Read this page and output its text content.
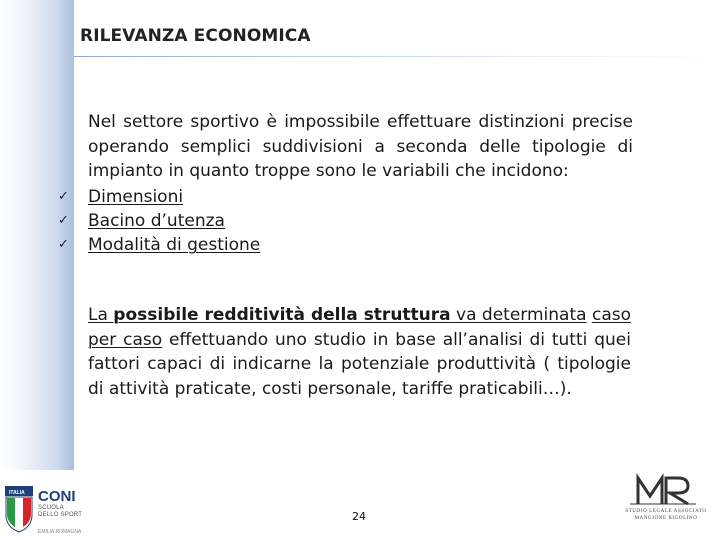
RILEVANZA ECONOMICA
Nel settore sportivo è impossibile effettuare distinzioni precise operando semplici suddivisioni a seconda delle tipologie di impianto in quanto troppe sono le variabili che incidono:
✓ Dimensioni
✓ Bacino d’utenza
✓ Modalità di gestione
La possibile redditività della struttura va determinata caso per caso effettuando uno studio in base all’analisi di tutti quei fattori capaci di indicarne la potenziale produttività ( tipologie di attività praticate, costi personale, tariffe praticabili…).
24
ITALIA CONI
SCUOLA
DELLO SPORT
EMILIA ROMAGNA
STUDIO LEGALE ASSOCIATO
MANGIONE RIGOLINO
